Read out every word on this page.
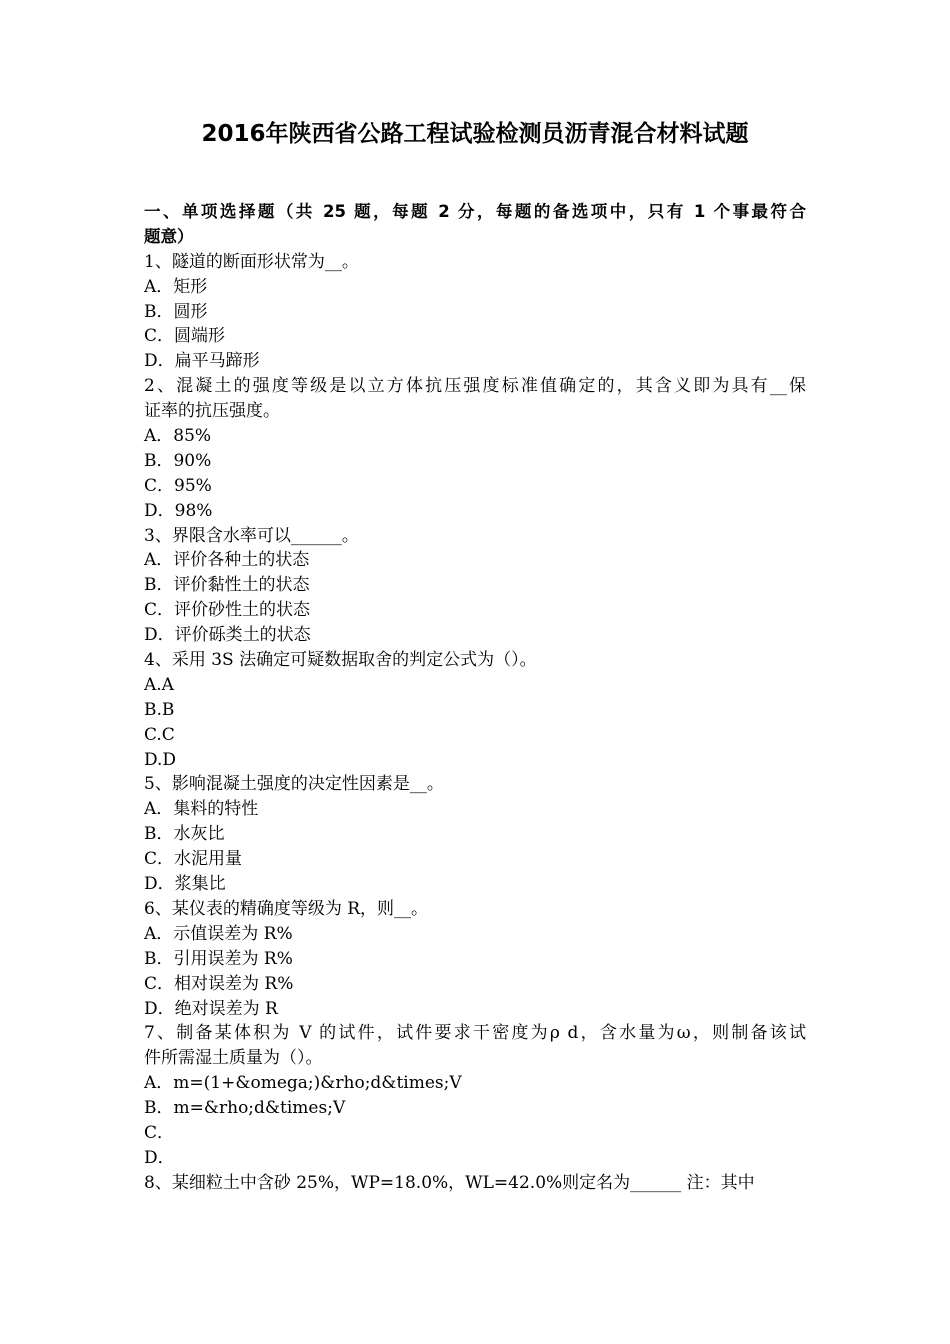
2016年陕西省公路工程试验检测员沥青混合材料试题
一、单项选择题（共 25 题，每题 2 分，每题的备选项中，只有 1 个事最符合
题意）
1、隧道的断面形状常为__。
A．矩形
B．圆形
C．圆端形
D．扁平马蹄形
2、混凝土的强度等级是以立方体抗压强度标准值确定的，其含义即为具有__保
证率的抗压强度。
A．85%
B．90%
C．95%
D．98%
3、界限含水率可以______。
A．评价各种土的状态
B．评价黏性土的状态
C．评价砂性土的状态
D．评价砾类土的状态
4、采用 3S 法确定可疑数据取舍的判定公式为（）。
A.A
B.B
C.C
D.D
5、影响混凝土强度的决定性因素是__。
A．集料的特性
B．水灰比
C．水泥用量
D．浆集比
6、某仪表的精确度等级为 R，则__。
A．示值误差为 R%
B．引用误差为 R%
C．相对误差为 R%
D．绝对误差为 R
7、制备某体积为 V 的试件，试件要求干密度为ρ d，含水量为ω，则制备该试
件所需湿土质量为（）。
A．m=(1+&omega;)&rho;d&times;V
B．m=&rho;d&times;V
C．
D．
8、某细粒土中含砂 25%，WP=18.0%，WL=42.0%则定名为______ 注：其中
